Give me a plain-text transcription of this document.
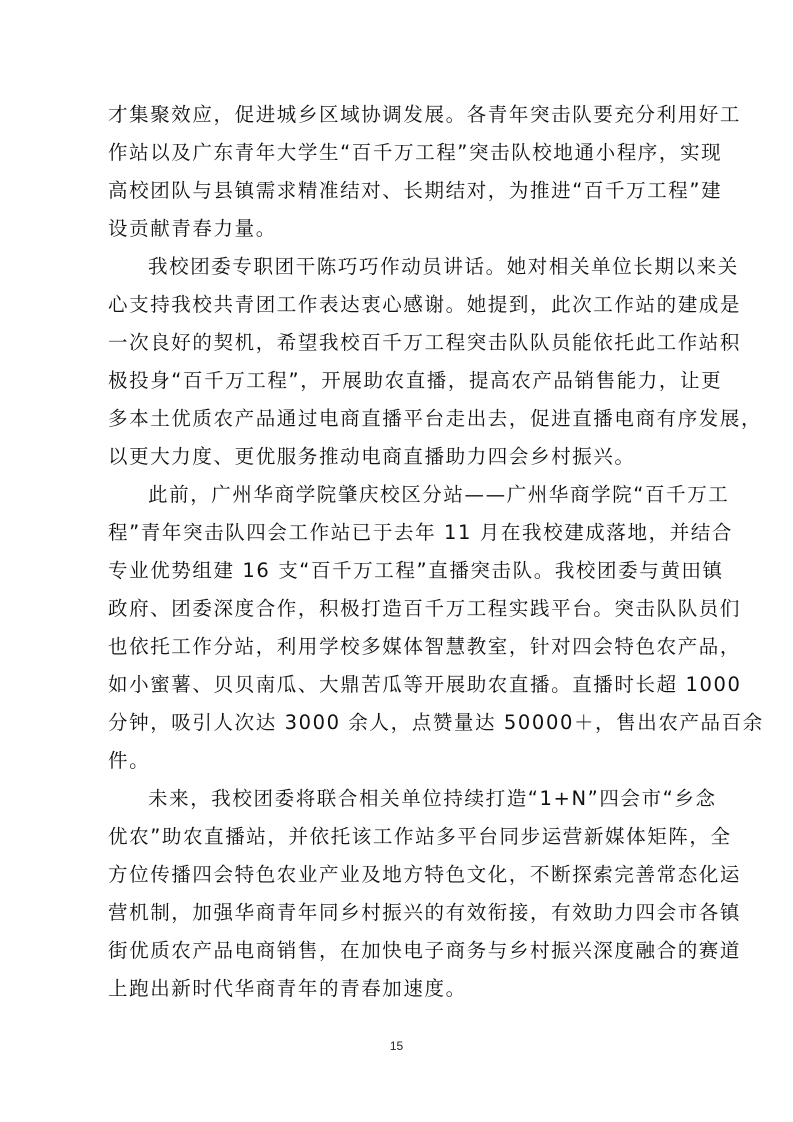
才集聚效应，促进城乡区域协调发展。各青年突击队要充分利用好工
作站以及广东青年大学生“百千万工程”突击队校地通小程序，实现
高校团队与县镇需求精准结对、长期结对，为推进“百千万工程”建
设贡献青春力量。
我校团委专职团干陈巧巧作动员讲话。她对相关单位长期以来关
心支持我校共青团工作表达衷心感谢。她提到，此次工作站的建成是
一次良好的契机，希望我校百千万工程突击队队员能依托此工作站积
极投身“百千万工程”，开展助农直播，提高农产品销售能力，让更
多本土优质农产品通过电商直播平台走出去，促进直播电商有序发展，
以更大力度、更优服务推动电商直播助力四会乡村振兴。
此前，广州华商学院肇庆校区分站——广州华商学院“百千万工
程”青年突击队四会工作站已于去年 11 月在我校建成落地，并结合
专业优势组建 16 支“百千万工程”直播突击队。我校团委与黄田镇
政府、团委深度合作，积极打造百千万工程实践平台。突击队队员们
也依托工作分站，利用学校多媒体智慧教室，针对四会特色农产品，
如小蜜薯、贝贝南瓜、大鼎苦瓜等开展助农直播。直播时长超 1000
分钟，吸引人次达 3000 余人，点赞量达 50000＋，售出农产品百余
件。
未来，我校团委将联合相关单位持续打造“1+N”四会市“乡念
优农”助农直播站，并依托该工作站多平台同步运营新媒体矩阵，全
方位传播四会特色农业产业及地方特色文化，不断探索完善常态化运
营机制，加强华商青年同乡村振兴的有效衔接，有效助力四会市各镇
街优质农产品电商销售，在加快电子商务与乡村振兴深度融合的赛道
上跑出新时代华商青年的青春加速度。
15
